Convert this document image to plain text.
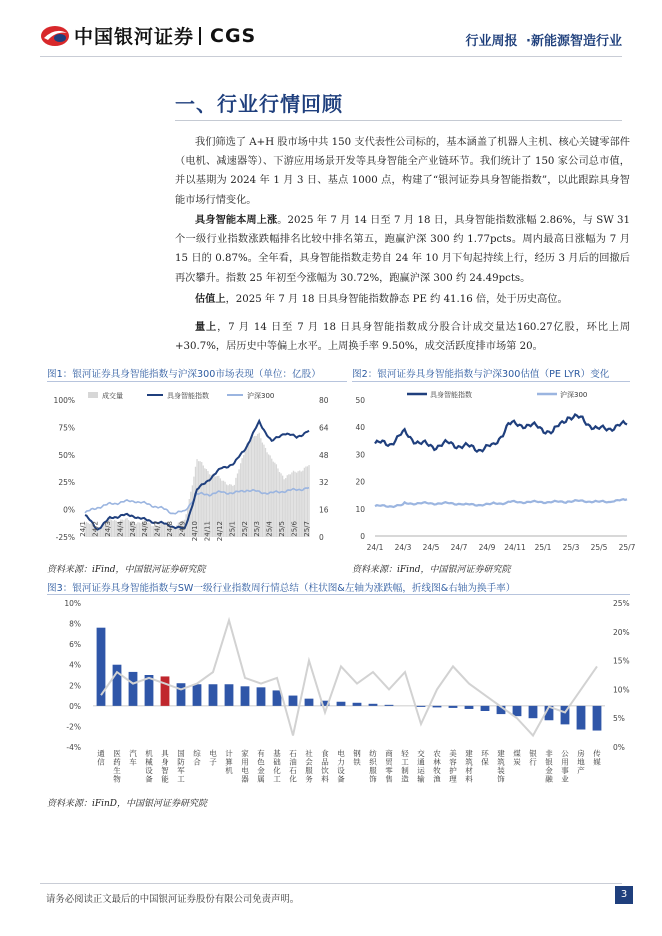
中国银河证券 CGS	行业周报 ·新能源智造行业
一、行业行情回顾

我们筛选了 A+H 股市场中共 150 支代表性公司标的，基本涵盖了机器人主机、核心关键零部件（电机、减速器等）、下游应用场景开发等具身智能全产业链环节。我们统计了 150 家公司总市值，并以基期为 2024 年 1 月 3 日、基点 1000 点，构建了“银河证券具身智能指数”，以此跟踪具身智能市场行情变化。

具身智能本周上涨。2025 年 7 月 14 日至 7 月 18 日，具身智能指数涨幅 2.86%，与 SW 31 个一级行业指数涨跌幅排名比较中排名第五，跑赢沪深 300 约 1.77pcts。周内最高日涨幅为 7 月 15 日的 0.87%。全年看，具身智能指数走势自 24 年 10 月下旬起持续上行，经历 3 月后的回撤后再次攀升。指数 25 年初至今涨幅为 30.72%，跑赢沪深 300 约 24.49pcts。

估值上，2025 年 7 月 18 日具身智能指数静态 PE 约 41.16 倍，处于历史高位。

量上，7 月 14 日至 7 月 18 日具身智能指数成分股合计成交量达160.27亿股，环比上周+30.7%，居历史中等偏上水平。上周换手率 9.50%，成交活跃度排市场第 20。

图1：银河证券具身智能指数与沪深300市场表现（单位：亿股）
成交量	具身智能指数	沪深300
100%
75%
50%
25%
0%
-25%
80
64
48
32
16
0
24/1 24/2 24/3 24/4 24/5 24/6 24/7 24/8 24/9 24/10 24/11 24/12 25/1 25/2 25/3 25/4 25/5 25/6 25/7
资料来源：iFind，中国银河证券研究院
图2：银河证券具身智能指数与沪深300估值（PE LYR）变化
具身智能指数	沪深300
50
40
30
20
10
0
24/1 24/3 24/5 24/7 24/9 24/11 25/1 25/3 25/5 25/7
资料来源：iFind，中国银河证券研究院
图3：银河证券具身智能指数与SW一级行业指数周行情总结（柱状图&左轴为涨跌幅，折线图&右轴为换手率）
10%
8%
6%
4%
2%
0%
-2%
-4%
25%
20%
15%
10%
5%
0%
通信
医药生物
汽车
机械设备
具身智能
国防军工
综合
电子
计算机
家用电器
有色金属
基础化工
石油石化
社会服务
食品饮料
电力设备
钢铁
纺织服饰
商贸零售
轻工制造
交通运输
农林牧渔
美容护理
建筑材料
环保
建筑装饰
煤炭
银行
非银金融
公用事业
房地产
传媒
资料来源：iFinD，中国银河证券研究院
请务必阅读正文最后的中国银河证券股份有限公司免责声明。	3
